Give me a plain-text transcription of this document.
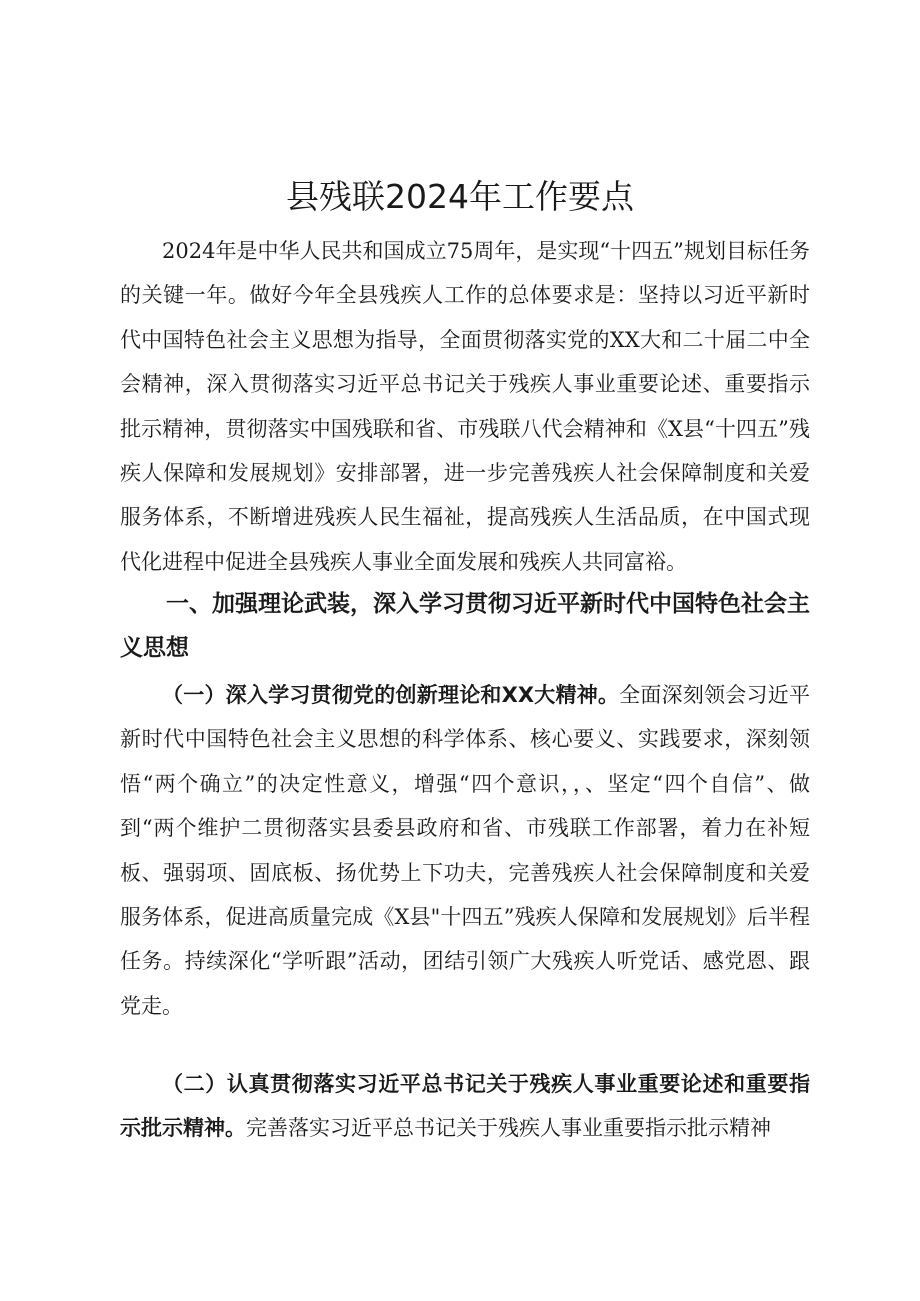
县残联2024年工作要点

2024年是中华人民共和国成立75周年，是实现“十四五”规划目标任务的关键一年。做好今年全县残疾人工作的总体要求是：坚持以习近平新时代中国特色社会主义思想为指导，全面贯彻落实党的XX大和二十届二中全会精神，深入贯彻落实习近平总书记关于残疾人事业重要论述、重要指示批示精神，贯彻落实中国残联和省、市残联八代会精神和《X县“十四五”残疾人保障和发展规划》安排部署，进一步完善残疾人社会保障制度和关爱服务体系，不断增进残疾人民生福祉，提高残疾人生活品质，在中国式现代化进程中促进全县残疾人事业全面发展和残疾人共同富裕。

一、加强理论武装，深入学习贯彻习近平新时代中国特色社会主义思想

（一）深入学习贯彻党的创新理论和XX大精神。全面深刻领会习近平新时代中国特色社会主义思想的科学体系、核心要义、实践要求，深刻领悟“两个确立”的决定性意义，增强“四个意识，，、坚定“四个自信”、做到“两个维护二贯彻落实县委县政府和省、市残联工作部署，着力在补短板、强弱项、固底板、扬优势上下功夫，完善残疾人社会保障制度和关爱服务体系，促进高质量完成《X县"十四五”残疾人保障和发展规划》后半程任务。持续深化“学听跟”活动，团结引领广大残疾人听党话、感党恩、跟党走。

（二）认真贯彻落实习近平总书记关于残疾人事业重要论述和重要指示批示精神。完善落实习近平总书记关于残疾人事业重要指示批示精神
